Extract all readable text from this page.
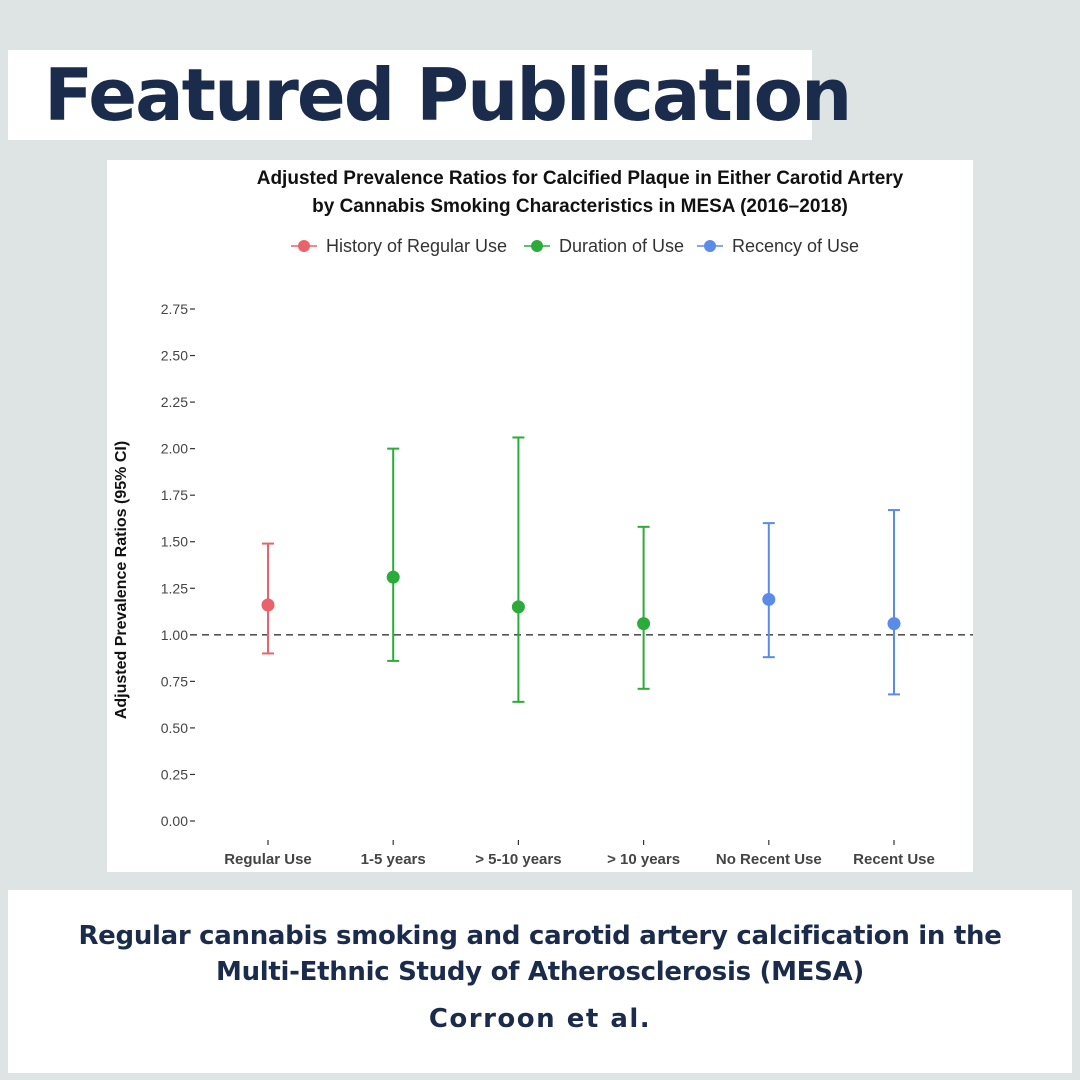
Featured Publication
Adjusted Prevalence Ratios for Calcified Plaque in Either Carotid Artery
by Cannabis Smoking Characteristics in MESA (2016–2018)
History of Regular Use	Duration of Use	Recency of Use
0.00
0.25
0.50
0.75
1.00
1.25
1.50
1.75
2.00
2.25
2.50
2.75
Regular Use	1-5 years	> 5-10 years	> 10 years No Recent Use Recent Use
Adjusted Prevalence Ratios (95% CI)
Regular cannabis smoking and carotid artery calcification in the
Multi-Ethnic Study of Atherosclerosis (MESA)
Corroon et al.
